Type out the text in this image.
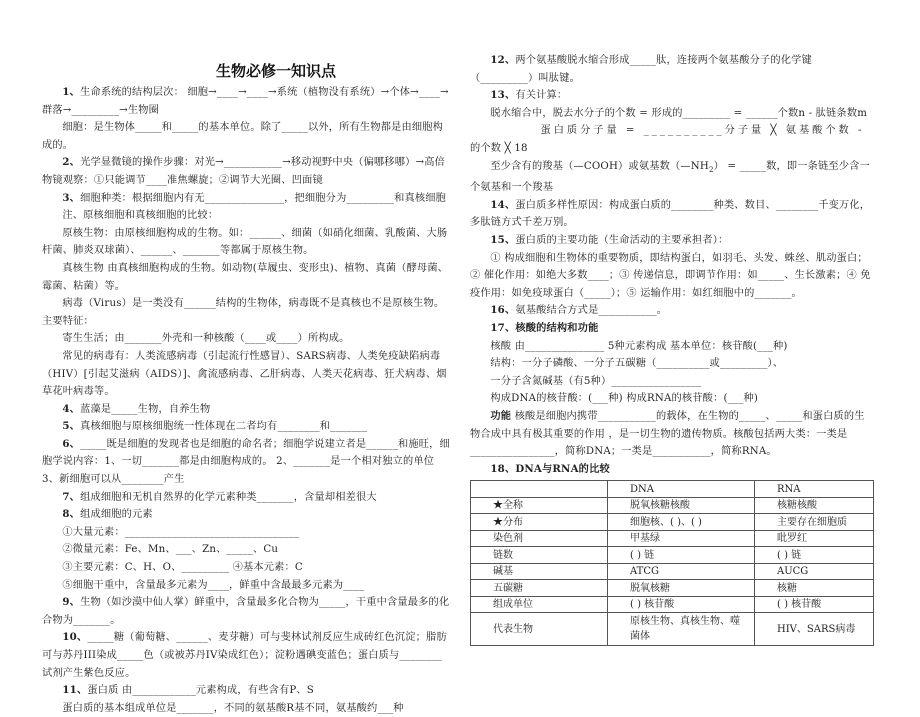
生物必修一知识点

1、生命系统的结构层次： 细胞→____→____→系统（植物没有系统）→个体→____→群落→_________→生物圈

细胞：是生物体_____和_____的基本单位。除了_____以外，所有生物都是由细胞构成的。

2、光学显微镜的操作步骤：对光→___________→移动视野中央（偏哪移哪）→高倍物镜观察：①只能调节____准焦螺旋；②调节大光圈、凹面镜

3、细胞种类：根据细胞内有无_______________，把细胞分为_________和真核细胞

注、原核细胞和真核细胞的比较：

原核生物：由原核细胞构成的生物。如：______、细菌（如硝化细菌、乳酸菌、大肠杆菌、肺炎双球菌）、______、_______等都属于原核生物。

真核生物 由真核细胞构成的生物。如动物(草履虫、变形虫)、植物、真菌（酵母菌、霉菌、粘菌）等。

病毒（Virus）是一类没有______结构的生物体，病毒既不是真核也不是原核生物。主要特征：

寄生生活；由_______外壳和一种核酸（____或____）所构成。

常见的病毒有：人类流感病毒（引起流行性感冒）、SARS病毒、人类免疫缺陷病毒（HIV）[引起艾滋病（AIDS）]、禽流感病毒、乙肝病毒、人类天花病毒、狂犬病毒、烟草花叶病毒等。

4、蓝藻是_____生物，自养生物

5、真核细胞与原核细胞统一性体现在二者均有________和_______

6、_____既是细胞的发现者也是细胞的命名者；细胞学说建立者是______和施旺，细胞学说内容：1、一切_______都是由细胞构成的。 2、_______是一个相对独立的单位 3、新细胞可以从________产生

7、组成细胞和无机自然界的化学元素种类_______，含量却相差很大

8、组成细胞的元素

①大量元素：_________________________________

②微量元素：Fe、Mn、___、Zn、_____、Cu

③主要元素：C、H、O、_________ ④基本元素：C

⑤细胞干重中，含量最多元素为____，鲜重中含最最多元素为____

9、生物（如沙漠中仙人掌）鲜重中，含量最多化合物为_____，干重中含量最多的化合物为_______。

10、_____糖（葡萄糖、______、麦芽糖）可与斐林试剂反应生成砖红色沉淀；脂肪可与苏丹III染成_____色（或被苏丹IV染成红色）；淀粉遇碘变蓝色；蛋白质与________试剂产生紫色反应。

11、蛋白质 由____________元素构成，有些含有P、S

蛋白质的基本组成单位是_______，不同的氨基酸R基不同，氨基酸约___种

12、两个氨基酸脱水缩合形成_____肽，连接两个氨基酸分子的化学键（_________）叫肽键。

13、有关计算：

脱水缩合中，脱去水分子的个数 = 形成的_________ = ______个数n - 肽链条数m

蛋白质分子量 = __________分子量 ╳ 氨基酸个数 -

的个数 ╳ 18

至少含有的羧基（—COOH）或氨基数$(—NH_2)$ = _____数，即一条链至少含一个氨基和一个羧基

14、蛋白质多样性原因：构成蛋白质的________种类、数目、________千变万化，多肽链方式千差万别。

15、蛋白质的主要功能（生命活动的主要承担者）：

① 构成细胞和生物体的重要物质，即结构蛋白，如羽毛、头发、蛛丝、肌动蛋白；② 催化作用：如绝大多数____；③ 传递信息，即调节作用：如_____、生长激素；④ 免疫作用：如免疫球蛋白（_____）；⑤ 运输作用：如红细胞中的_______。

16、氨基酸结合方式是___________。

17、核酸的结构和功能

核酸 由_______________ 5种元素构成 基本单位：核苷酸(___种)

结构：一分子磷酸、一分子五碳糖（__________或_________）、

一分子含氮碱基（有5种）_________________

构成DNA的核苷酸：(___种) 构成RNA的核苷酸：(___种)

功能 核酸是细胞内携带___________的载体，在生物的_____、_____和蛋白质的生物合成中具有极其重要的作用 ，是一切生物的遗传物质。核酸包括两大类：一类是________________，简称DNA；一类是___________，简称RNA。

18、DNA与RNA的比较

	DNA	RNA
★全称	脱氧核糖核酸	核糖核酸
★分布	细胞核、( )、( )	主要存在细胞质
染色剂	甲基绿	吡罗红
链数	( ) 链	( ) 链
碱基	ATCG	AUCG
五碳糖	脱氧核糖	核糖
组成单位	( ) 核苷酸	( ) 核苷酸
代表生物	原核生物、真核生物、噬菌体	HIV、SARS病毒
